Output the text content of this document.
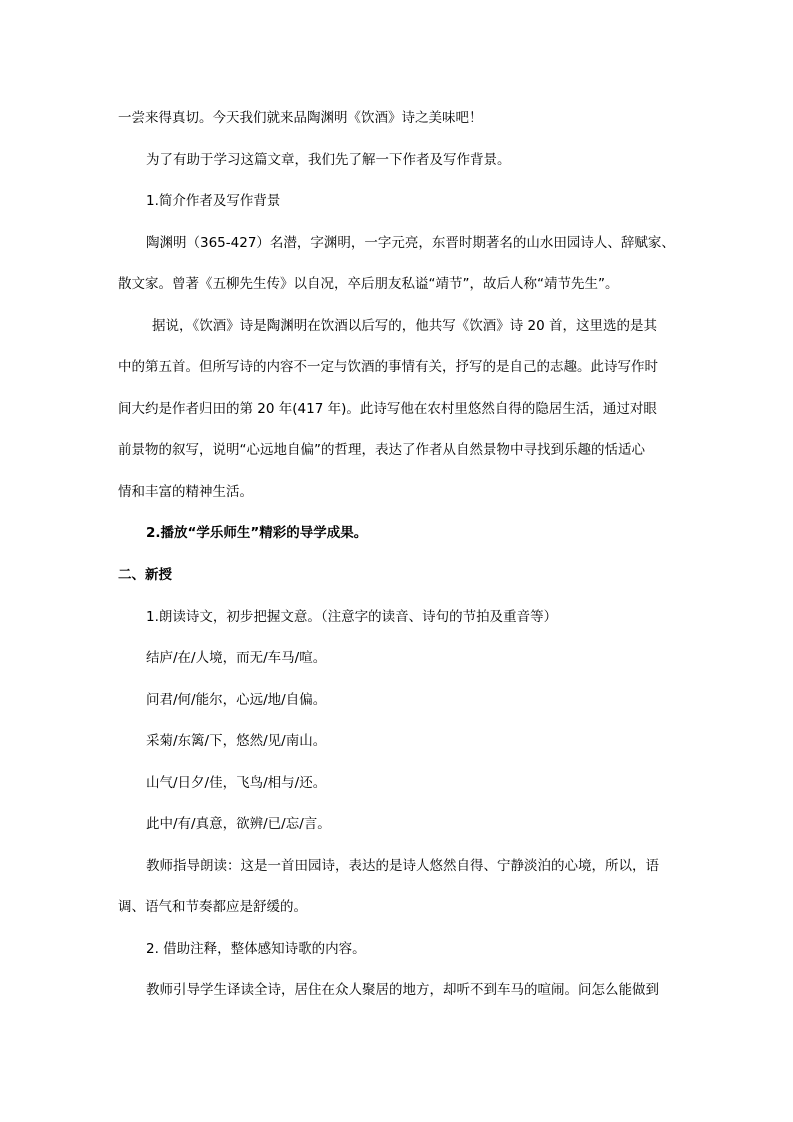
一尝来得真切。今天我们就来品陶渊明《饮酒》诗之美味吧！
为了有助于学习这篇文章，我们先了解一下作者及写作背景。
1.简介作者及写作背景
陶渊明（365-427）名潜，字渊明，一字元亮，东晋时期著名的山水田园诗人、辞赋家、
散文家。曾著《五柳先生传》以自况，卒后朋友私谥“靖节”，故后人称“靖节先生”。
据说，《饮酒》诗是陶渊明在饮酒以后写的，他共写《饮酒》诗 20 首，这里选的是其
中的第五首。但所写诗的内容不一定与饮酒的事情有关，抒写的是自己的志趣。此诗写作时
间大约是作者归田的第 20 年(417 年)。此诗写他在农村里悠然自得的隐居生活，通过对眼
前景物的叙写，说明“心远地自偏”的哲理，表达了作者从自然景物中寻找到乐趣的恬适心
情和丰富的精神生活。
2.播放“学乐师生”精彩的导学成果。
二、新授
1.朗读诗文，初步把握文意。（注意字的读音、诗句的节拍及重音等）
结庐/在/人境，而无/车马/喧。
问君/何/能尔，心远/地/自偏。
采菊/东篱/下，悠然/见/南山。
山气/日夕/佳，飞鸟/相与/还。
此中/有/真意，欲辨/已/忘/言。
教师指导朗读：这是一首田园诗，表达的是诗人悠然自得、宁静淡泊的心境，所以，语
调、语气和节奏都应是舒缓的。
2. 借助注释，整体感知诗歌的内容。
教师引导学生译读全诗，居住在众人聚居的地方，却听不到车马的喧闹。问怎么能做到
